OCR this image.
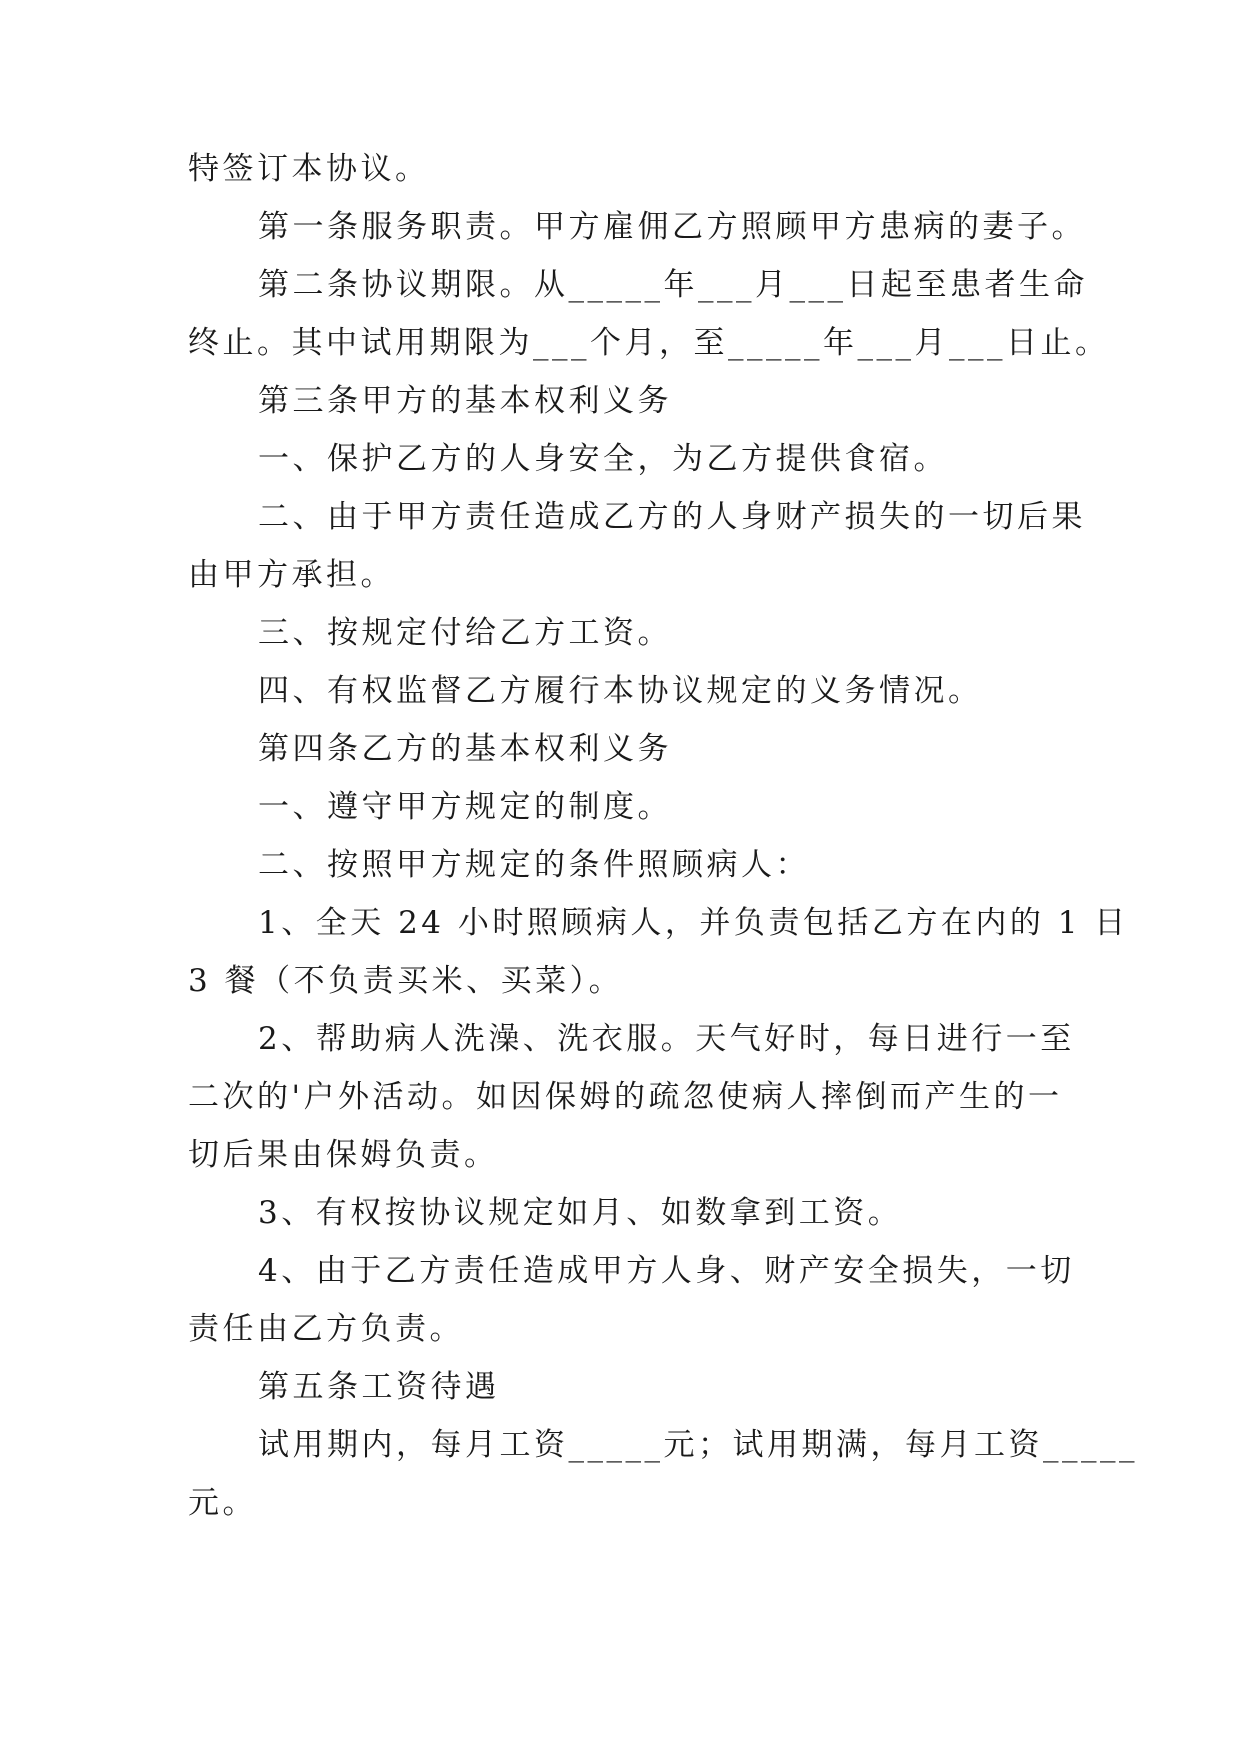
特签订本协议。
第一条服务职责。甲方雇佣乙方照顾甲方患病的妻子。
第二条协议期限。从_____年___月___日起至患者生命
终止。其中试用期限为___个月，至_____年___月___日止。
第三条甲方的基本权利义务
一、保护乙方的人身安全，为乙方提供食宿。
二、由于甲方责任造成乙方的人身财产损失的一切后果
由甲方承担。
三、按规定付给乙方工资。
四、有权监督乙方履行本协议规定的义务情况。
第四条乙方的基本权利义务
一、遵守甲方规定的制度。
二、按照甲方规定的条件照顾病人：
1、全天 24 小时照顾病人，并负责包括乙方在内的 1 日
3 餐（不负责买米、买菜）。
2、帮助病人洗澡、洗衣服。天气好时，每日进行一至
二次的'户外活动。如因保姆的疏忽使病人摔倒而产生的一
切后果由保姆负责。
3、有权按协议规定如月、如数拿到工资。
4、由于乙方责任造成甲方人身、财产安全损失，一切
责任由乙方负责。
第五条工资待遇
试用期内，每月工资_____元；试用期满，每月工资_____
元。
